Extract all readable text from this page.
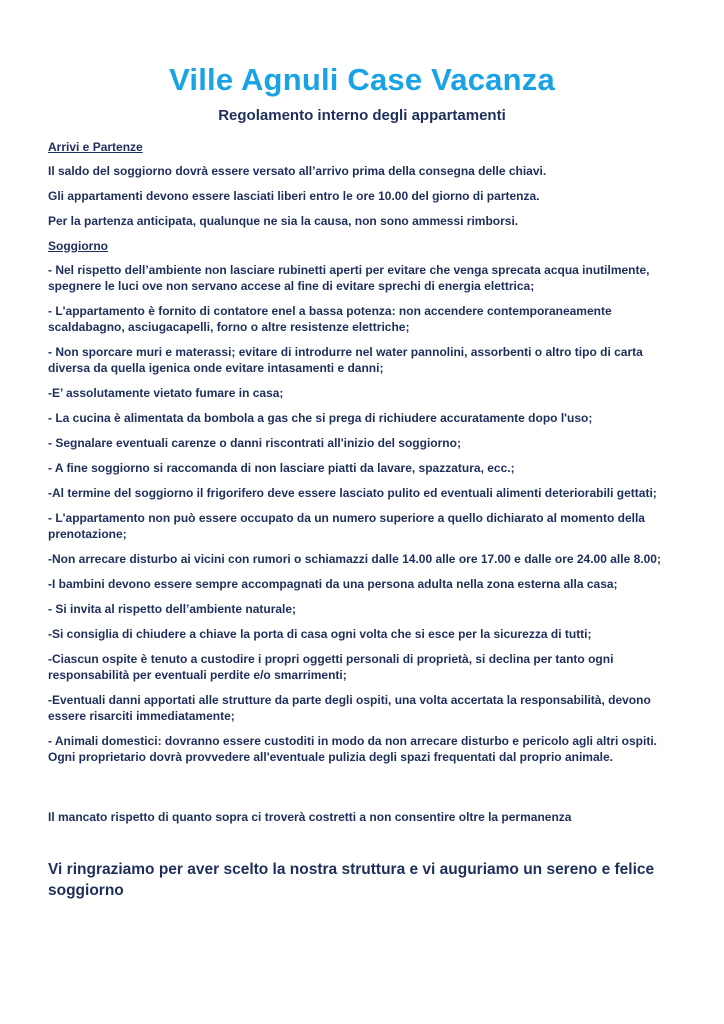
Ville Agnuli Case Vacanza
Regolamento interno degli appartamenti

Arrivi e Partenze

Il saldo del soggiorno dovrà essere versato all’arrivo prima della consegna delle chiavi.

Gli appartamenti devono essere lasciati liberi entro le ore 10.00 del giorno di partenza.

Per la partenza anticipata, qualunque ne sia la causa, non sono ammessi rimborsi.

Soggiorno

- Nel rispetto dell’ambiente non lasciare rubinetti aperti per evitare che venga sprecata acqua inutilmente, spegnere le luci ove non servano accese al fine di evitare sprechi di energia elettrica;

- L'appartamento è fornito di contatore enel a bassa potenza: non accendere contemporaneamente scaldabagno, asciugacapelli, forno o altre resistenze elettriche;

- Non sporcare muri e materassi; evitare di introdurre nel water pannolini, assorbenti o altro tipo di carta diversa da quella igenica onde evitare intasamenti e danni;

-E’ assolutamente vietato fumare in casa;

- La cucina è alimentata da bombola a gas che si prega di richiudere accuratamente dopo l'uso;

- Segnalare eventuali carenze o danni riscontrati all'inizio del soggiorno;

- A fine soggiorno si raccomanda di non lasciare piatti da lavare, spazzatura, ecc.;

-Al termine del soggiorno il frigorifero deve essere lasciato pulito ed eventuali alimenti deteriorabili gettati;

- L'appartamento non può essere occupato da un numero superiore a quello dichiarato al momento della prenotazione;

-Non arrecare disturbo ai vicini con rumori o schiamazzi dalle 14.00 alle ore 17.00 e dalle ore 24.00 alle 8.00;

-I bambini devono essere sempre accompagnati da una persona adulta nella zona esterna alla casa;

- Si invita al rispetto dell’ambiente naturale;

-Si consiglia di chiudere a chiave la porta di casa ogni volta che si esce per la sicurezza di tutti;

-Ciascun ospite è tenuto a custodire i propri oggetti personali di proprietà, si declina per tanto ogni responsabilità per eventuali perdite e/o smarrimenti;

-Eventuali danni apportati alle strutture da parte degli ospiti, una volta accertata la responsabilità, devono essere risarciti immediatamente;

- Animali domestici: dovranno essere custoditi in modo da non arrecare disturbo e pericolo agli altri ospiti. Ogni proprietario dovrà provvedere all'eventuale pulizia degli spazi frequentati dal proprio animale.

Il mancato rispetto di quanto sopra ci troverà costretti a non consentire oltre la permanenza

Vi ringraziamo per aver scelto la nostra struttura e vi auguriamo un sereno e felice soggiorno
